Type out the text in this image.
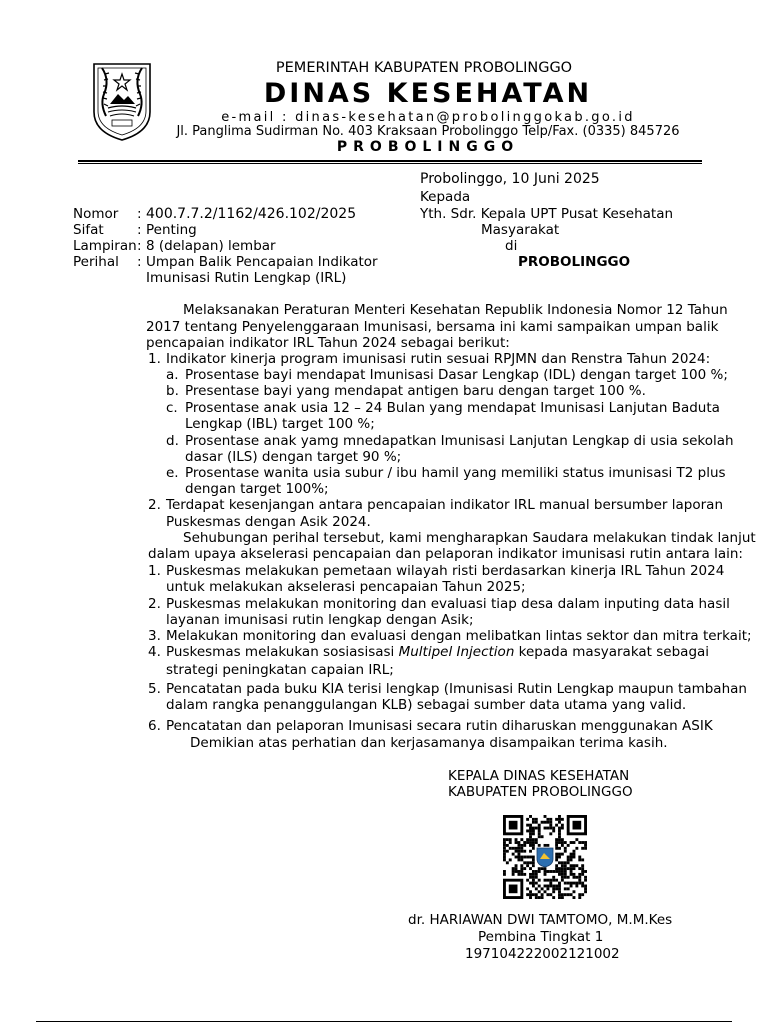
PEMERINTAH KABUPATEN PROBOLINGGO
DINAS KESEHATAN
e-mail : dinas-kesehatan@probolinggokab.go.id
Jl. Panglima Sudirman No. 403 Kraksaan Probolinggo Telp/Fax. (0335) 845726
PROBOLINGGO
Probolinggo, 10 Juni 2025
Kepada
Yth. Sdr. Kepala UPT Pusat Kesehatan
Masyarakat
di
PROBOLINGGO
Nomor	: 400.7.7.2/1162/426.102/2025
Sifat	: Penting
Lampiran : 8 (delapan) lembar
Perihal	: Umpan Balik Pencapaian Indikator
Imunisasi Rutin Lengkap (IRL)
Melaksanakan Peraturan Menteri Kesehatan Republik Indonesia Nomor 12 Tahun
2017 tentang Penyelenggaraan Imunisasi, bersama ini kami sampaikan umpan balik
pencapaian indikator IRL Tahun 2024 sebagai berikut:
1. Indikator kinerja program imunisasi rutin sesuai RPJMN dan Renstra Tahun 2024:
a. Prosentase bayi mendapat Imunisasi Dasar Lengkap (IDL) dengan target 100 %;
b. Presentase bayi yang mendapat antigen baru dengan target 100 %.
c. Prosentase anak usia 12 – 24 Bulan yang mendapat Imunisasi Lanjutan Baduta
Lengkap (IBL) target 100 %;
d. Prosentase anak yamg mnedapatkan Imunisasi Lanjutan Lengkap di usia sekolah
dasar (ILS) dengan target 90 %;
e. Prosentase wanita usia subur / ibu hamil yang memiliki status imunisasi T2 plus
dengan target 100%;
2. Terdapat kesenjangan antara pencapaian indikator IRL manual bersumber laporan
Puskesmas dengan Asik 2024.
Sehubungan perihal tersebut, kami mengharapkan Saudara melakukan tindak lanjut
dalam upaya akselerasi pencapaian dan pelaporan indikator imunisasi rutin antara lain:
1. Puskesmas melakukan pemetaan wilayah risti berdasarkan kinerja IRL Tahun 2024
untuk melakukan akselerasi pencapaian Tahun 2025;
2. Puskesmas melakukan monitoring dan evaluasi tiap desa dalam inputing data hasil
layanan imunisasi rutin lengkap dengan Asik;
3. Melakukan monitoring dan evaluasi dengan melibatkan lintas sektor dan mitra terkait;
4. Puskesmas melakukan sosiasisasi Multipel Injection kepada masyarakat sebagai
strategi peningkatan capaian IRL;
5. Pencatatan pada buku KIA terisi lengkap (Imunisasi Rutin Lengkap maupun tambahan
dalam rangka penanggulangan KLB) sebagai sumber data utama yang valid.
6. Pencatatan dan pelaporan Imunisasi secara rutin diharuskan menggunakan ASIK
Demikian atas perhatian dan kerjasamanya disampaikan terima kasih.
KEPALA DINAS KESEHATAN
KABUPATEN PROBOLINGGO
dr. HARIAWAN DWI TAMTOMO, M.M.Kes
Pembina Tingkat 1
197104222002121002
